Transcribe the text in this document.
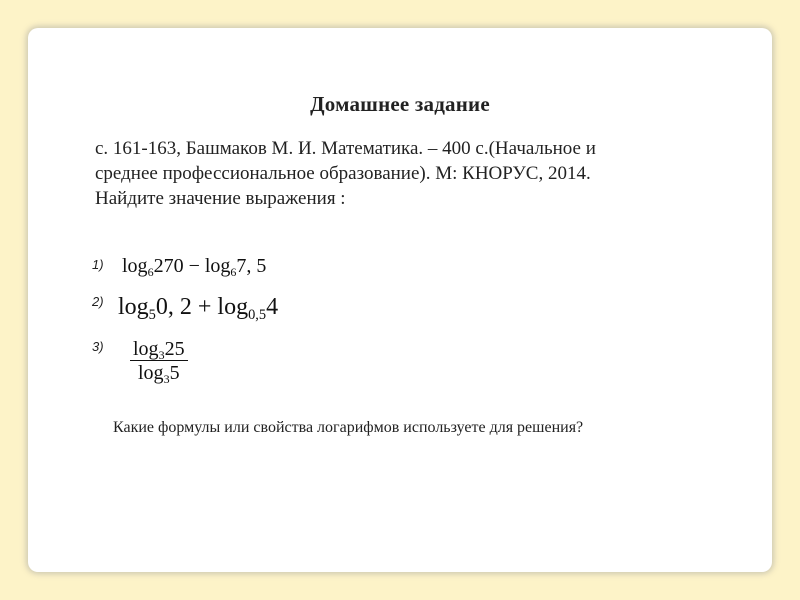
Домашнее задание
с. 161-163, Башмаков М. И. Математика. – 400 с.(Начальное и
среднее профессиональное образование). М: КНОРУС, 2014.
Найдите значение выражения :
1) $\log_6270 - \log_67$, 5
2) $\log_50$, $2 + \log_{0,5}4$
$3) \frac{\log_325}{\log_35}$
Какие формулы или свойства логарифмов используете для решения?
